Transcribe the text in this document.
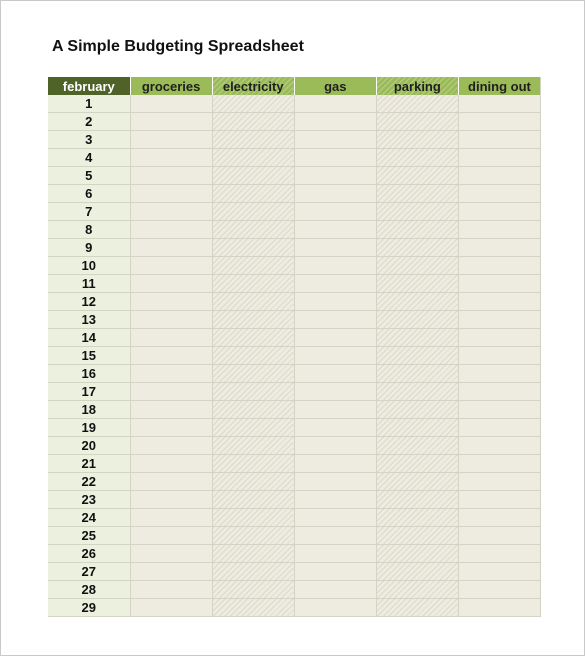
A Simple Budgeting Spreadsheet
february	groceries	electricity	gas	parking	dining out
1					
2					
3					
4					
5					
6					
7					
8					
9					
10					
11					
12					
13					
14					
15					
16					
17					
18					
19					
20					
21					
22					
23					
24					
25					
26					
27					
28					
29					
